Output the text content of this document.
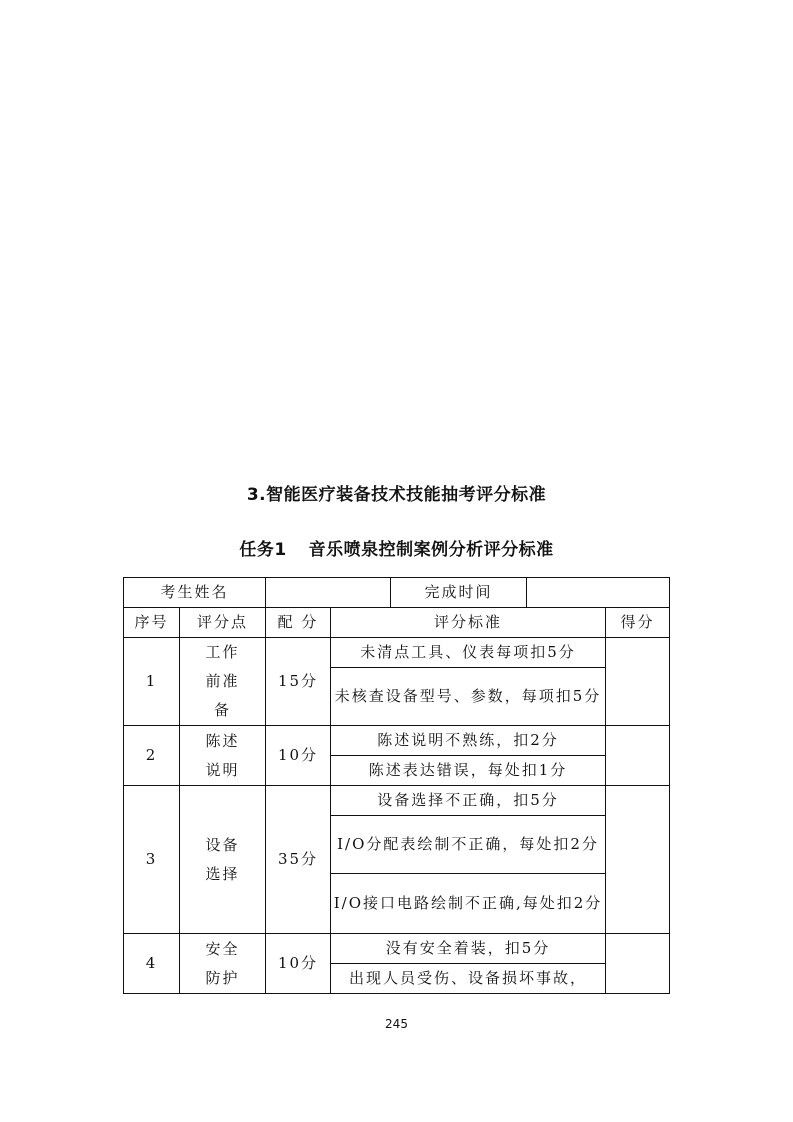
3.智能医疗装备技术技能抽考评分标准
任务1 音乐喷泉控制案例分析评分标准
考生姓名				完成时间		
序号	评分点	配 分	评分标准			得分
1	工作前准备	15分	未清点工具、仪表每项扣5分			
			未核查设备型号、参数，每项扣5分			
2	陈述说明	10分	陈述说明不熟练，扣2分			
			陈述表达错误，每处扣1分			
3	设备选择	35分	设备选择不正确，扣5分			
			I/O分配表绘制不正确，每处扣2分			
			I/O接口电路绘制不正确,每处扣2分			
4	安全防护	10分	没有安全着装，扣5分			
			出现人员受伤、设备损坏事故，			
245
